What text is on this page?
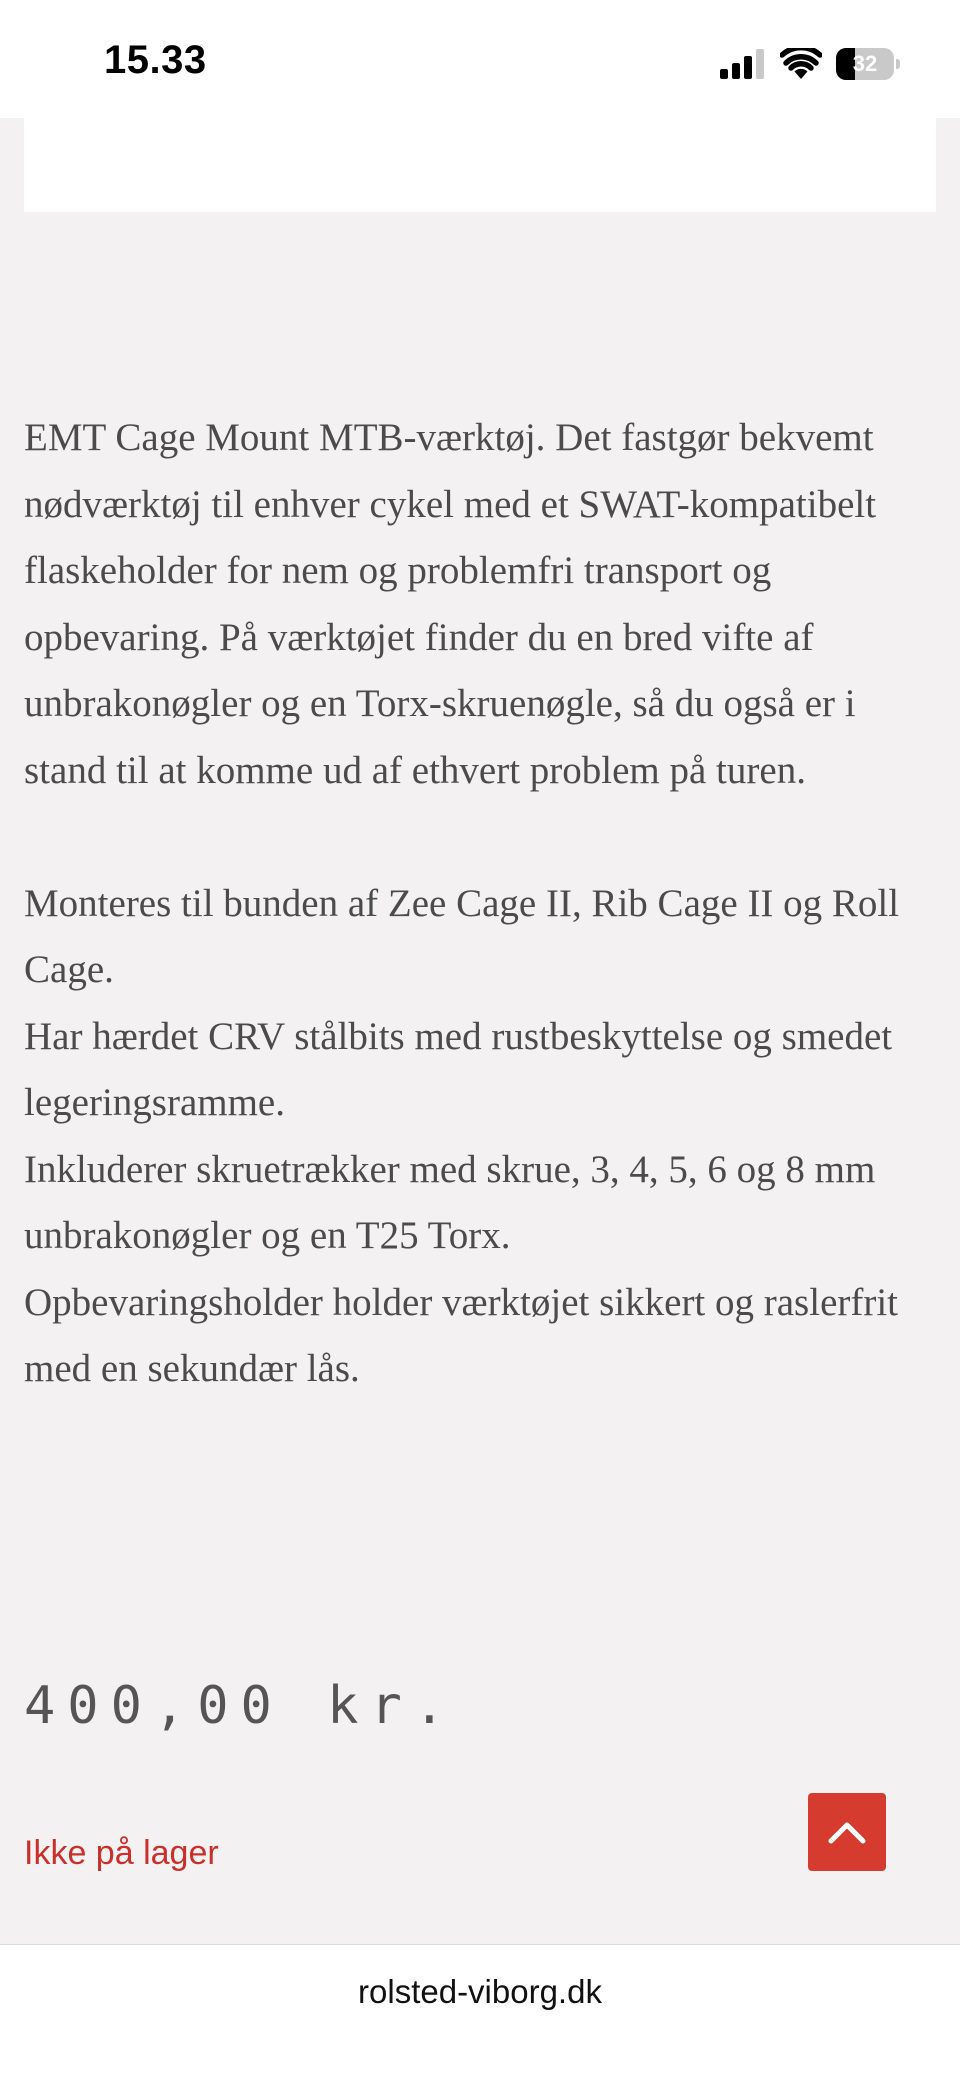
15.33	32

EMT Cage Mount MTB-værktøj. Det fastgør bekvemt nødværktøj til enhver cykel med et SWAT-kompatibelt flaskeholder for nem og problemfri transport og opbevaring. På værktøjet finder du en bred vifte af unbrakonøgler og en Torx-skruenøgle, så du også er i stand til at komme ud af ethvert problem på turen.

Monteres til bunden af Zee Cage II, Rib Cage II og Roll Cage.

Har hærdet CRV stålbits med rustbeskyttelse og smedet legeringsramme.

Inkluderer skruetrækker med skrue, 3, 4, 5, 6 og 8 mm unbrakonøgler og en T25 Torx.

Opbevaringsholder holder værktøjet sikkert og raslerfrit med en sekundær lås.

400,00 kr.
Ikke på lager
rolsted-viborg.dk
